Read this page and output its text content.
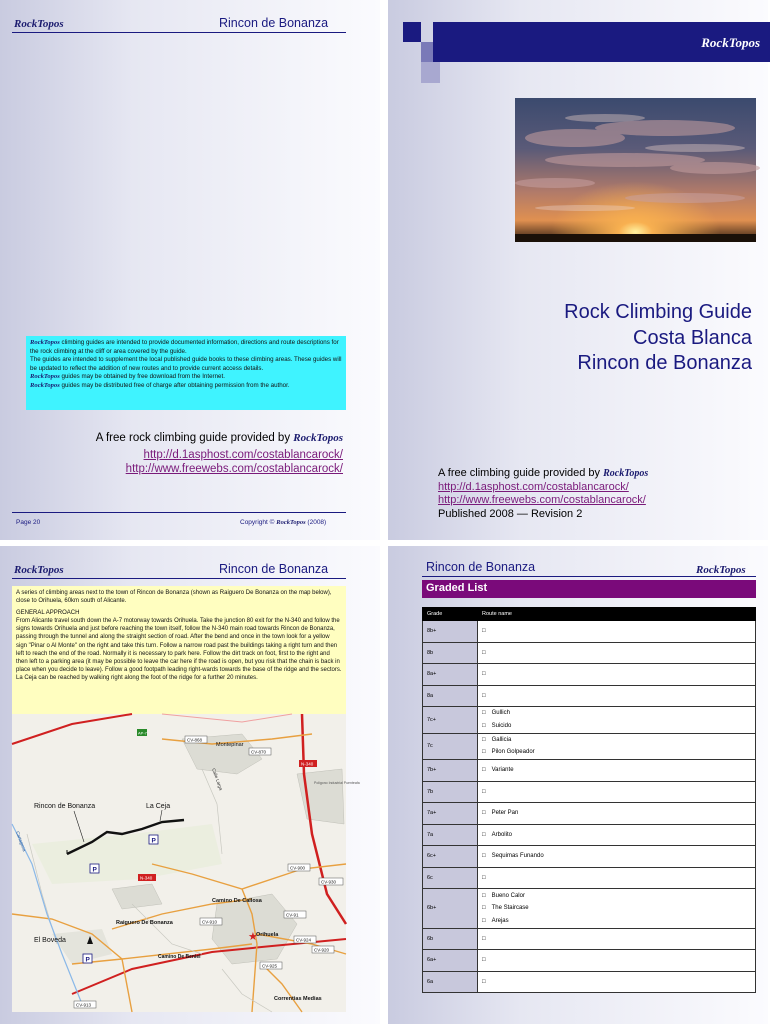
RockTopos	Rincon de Bonanza
RockTopos climbing guides are intended to provide documented information, directions and route descriptions for the rock climbing at the cliff or area covered by the guide.
The guides are intended to supplement the local published guide books to these climbing areas. These guides will be updated to reflect the addition of new routes and to provide current access details.
RockTopos guides may be obtained by free download from the Internet.
RockTopos guides may be distributed free of charge after obtaining permission from the author.
A free rock climbing guide provided by RockTopos
http://d.1asphost.com/costablancarock/
http://www.freewebs.com/costablancarock/
Page 20	Copyright © RockTopos (2008)
RockTopos
Rock Climbing Guide
Costa Blanca
Rincon de Bonanza
A free climbing guide provided by RockTopos
http://d.1asphost.com/costablancarock/
http://www.freewebs.com/costablancarock/
Published 2008 — Revision 2
RockTopos	Rincon de Bonanza
A series of climbing areas next to the town of Rincon de Bonanza (shown as Raiguero De Bonanza on the map below), close to Orihuela, 60km south of Alicante.
GENERAL APPROACH
From Alicante travel south down the A-7 motorway towards Orihuela. Take the junction 80 exit for the N-340 and follow the signs towards Orihuela and just before reaching the town itself, follow the N-340 main road towards Rincon de Bonanza, passing through the tunnel and along the straight section of road. After the bend and once in the town look for a yellow sign "Pinar o Al Monte" on the right and take this turn. Follow a narrow road past the buildings taking a right turn and then left to reach the end of the road. Normally it is necessary to park here. Follow the dirt track on foot, first to the right and then left to a parking area (it may be possible to leave the car here if the road is open, but you risk that the chain is back in place when you decide to leave). Follow a good footpath leading right-wards towards the base of the ridge and the sectors. La Ceja can be reached by walking right along the foot of the ridge for a further 20 minutes.
P
P
P
AP-7
★
CV-868
CV-870
CV-900
CV-930
CV-910
CV-91
CV-924
CV-920
CV-925
CV-913
N-340
N-340
Rincon de Bonanza	La Ceja
Montepinar
El Boveda
Raiguero De Bonanza
Camino De Callosa
Camino De Beniel
Orihuela
Correntias Medias
Poligono Industrial Puenteafa
Cartagena
Calle Larga
Rincon de Bonanza	RockTopos
Graded List
Grade	Route name
8b+	□

8b	□

8a+	□

8a	□

7c+	□ Gullich
□ Suicido

7c	□ Gallicia
□ Pilon Golpeador

7b+	□ Variante

7b	□

7a+	□ Peter Pan

7a	□ Arbolito

6c+	□ Sequimas Funando

6c	□

6b+	□ Bueno Calor
□ The Staircase
□ Arejas

6b	□

6a+	□

6a	□
